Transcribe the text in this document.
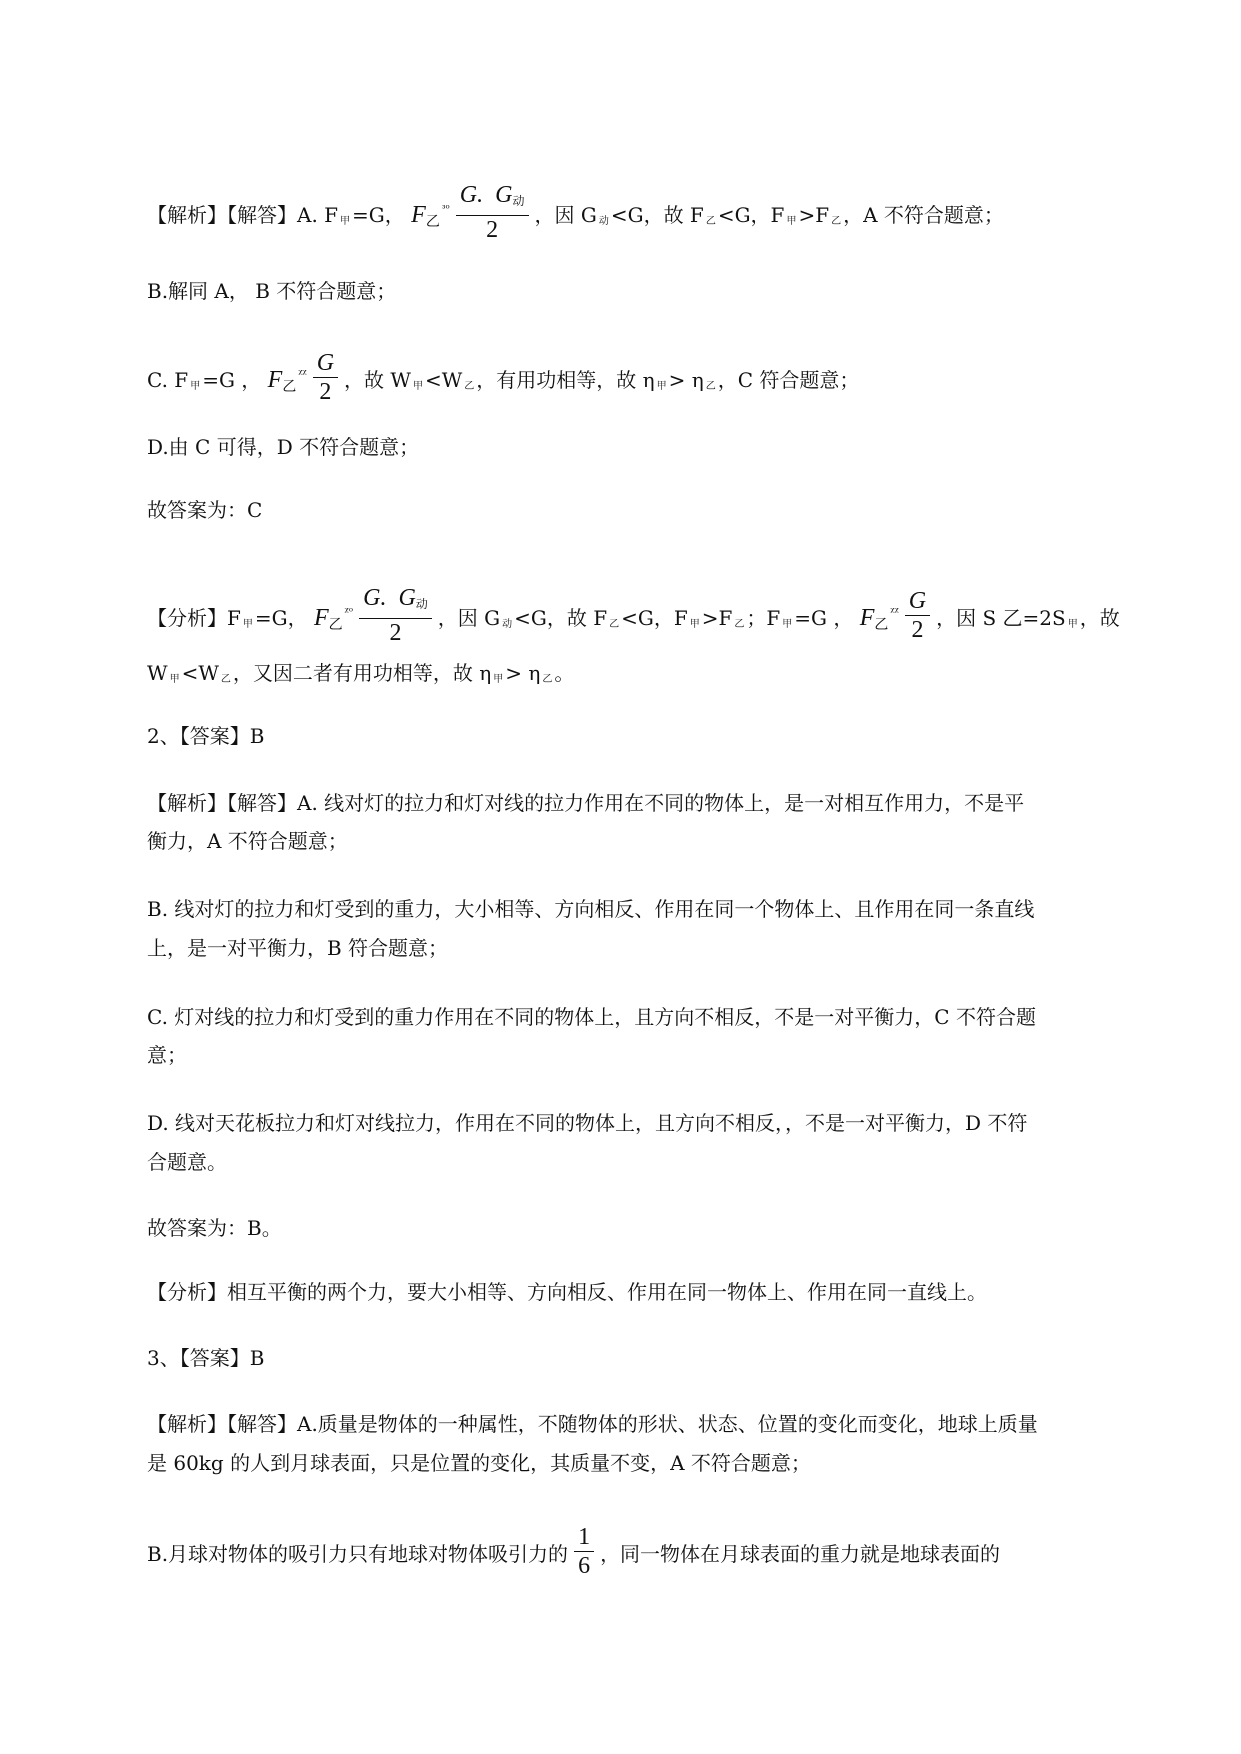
【解析】【解答】A. F $_甲$ =G， F乙$^{ᶟᵒ} \frac{\text{G.  G动}}{2}$ ，因 G $_动$ <G，故 F $_乙$ <G，F $_甲$ >F $_乙$ ，A 不符合题意；
B.解同 A， B 不符合题意；
C. F $_甲$ =G ， F乙$^{ᵡᵡ} \frac{G}{2}$ ，故 W $_甲$ <W $_乙$ ，有用功相等，故 η $_甲$ > η $_乙$ ，C 符合题意；
D.由 C 可得，D 不符合题意；
故答案为：C
【分析】F $_甲$ =G， F乙$^{ᵡᵒ} \frac{\text{G.  G动}}{2}$ ，因 G $_动$ <G，故 F $_乙$ <G，F $_甲$ >F $_乙$ ；F $_甲$ =G ， F乙$^{ᵡᵡ} \frac{G}{2}$ ，因 S 乙=2S $_甲$ ，故
W $_甲$ <W $_乙$ ，又因二者有用功相等，故 η $_甲$ > η $_乙$ 。
2、【答案】B
【解析】【解答】A. 线对灯的拉力和灯对线的拉力作用在不同的物体上，是一对相互作用力，不是平
衡力，A 不符合题意；
B. 线对灯的拉力和灯受到的重力，大小相等、方向相反、作用在同一个物体上、且作用在同一条直线
上，是一对平衡力，B 符合题意；
C. 灯对线的拉力和灯受到的重力作用在不同的物体上，且方向不相反，不是一对平衡力，C 不符合题
意；
D. 线对天花板拉力和灯对线拉力，作用在不同的物体上，且方向不相反，，不是一对平衡力，D 不符
合题意。
故答案为：B。
【分析】相互平衡的两个力，要大小相等、方向相反、作用在同一物体上、作用在同一直线上。
3、【答案】B
【解析】【解答】A.质量是物体的一种属性，不随物体的形状、状态、位置的变化而变化，地球上质量
是 60kg 的人到月球表面，只是位置的变化，其质量不变，A 不符合题意；
B.月球对物体的吸引力只有地球对物体吸引力的 $\frac{1}{6}$ ，同一物体在月球表面的重力就是地球表面的
